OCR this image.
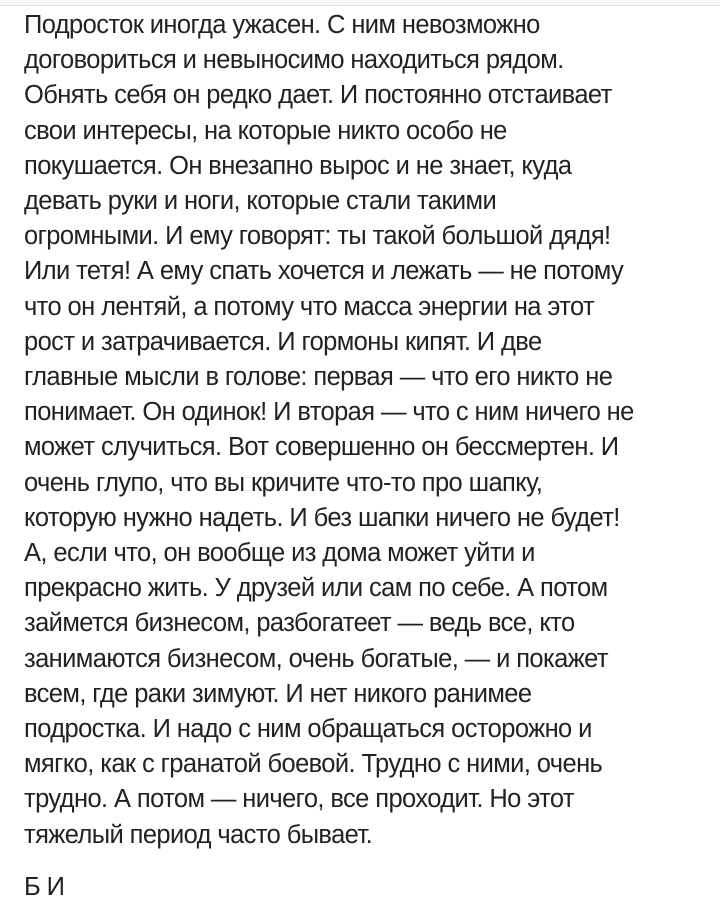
Подросток иногда ужасен. С ним невозможно
договориться и невыносимо находиться рядом.
Обнять себя он редко дает. И постоянно отстаивает
свои интересы, на которые никто особо не
покушается. Он внезапно вырос и не знает, куда
девать руки и ноги, которые стали такими
огромными. И ему говорят: ты такой большой дядя!
Или тетя! А ему спать хочется и лежать — не потому
что он лентяй, а потому что масса энергии на этот
рост и затрачивается. И гормоны кипят. И две
главные мысли в голове: первая — что его никто не
понимает. Он одинок! И вторая — что с ним ничего не
может случиться. Вот совершенно он бессмертен. И
очень глупо, что вы кричите что-то про шапку,
которую нужно надеть. И без шапки ничего не будет!
А, если что, он вообще из дома может уйти и
прекрасно жить. У друзей или сам по себе. А потом
займется бизнесом, разбогатеет — ведь все, кто
занимаются бизнесом, очень богатые, — и покажет
всем, где раки зимуют. И нет никого ранимее
подростка. И надо с ним обращаться осторожно и
мягко, как с гранатой боевой. Трудно с ними, очень
трудно. А потом — ничего, все проходит. Но этот
тяжелый период часто бывает.
Б И
